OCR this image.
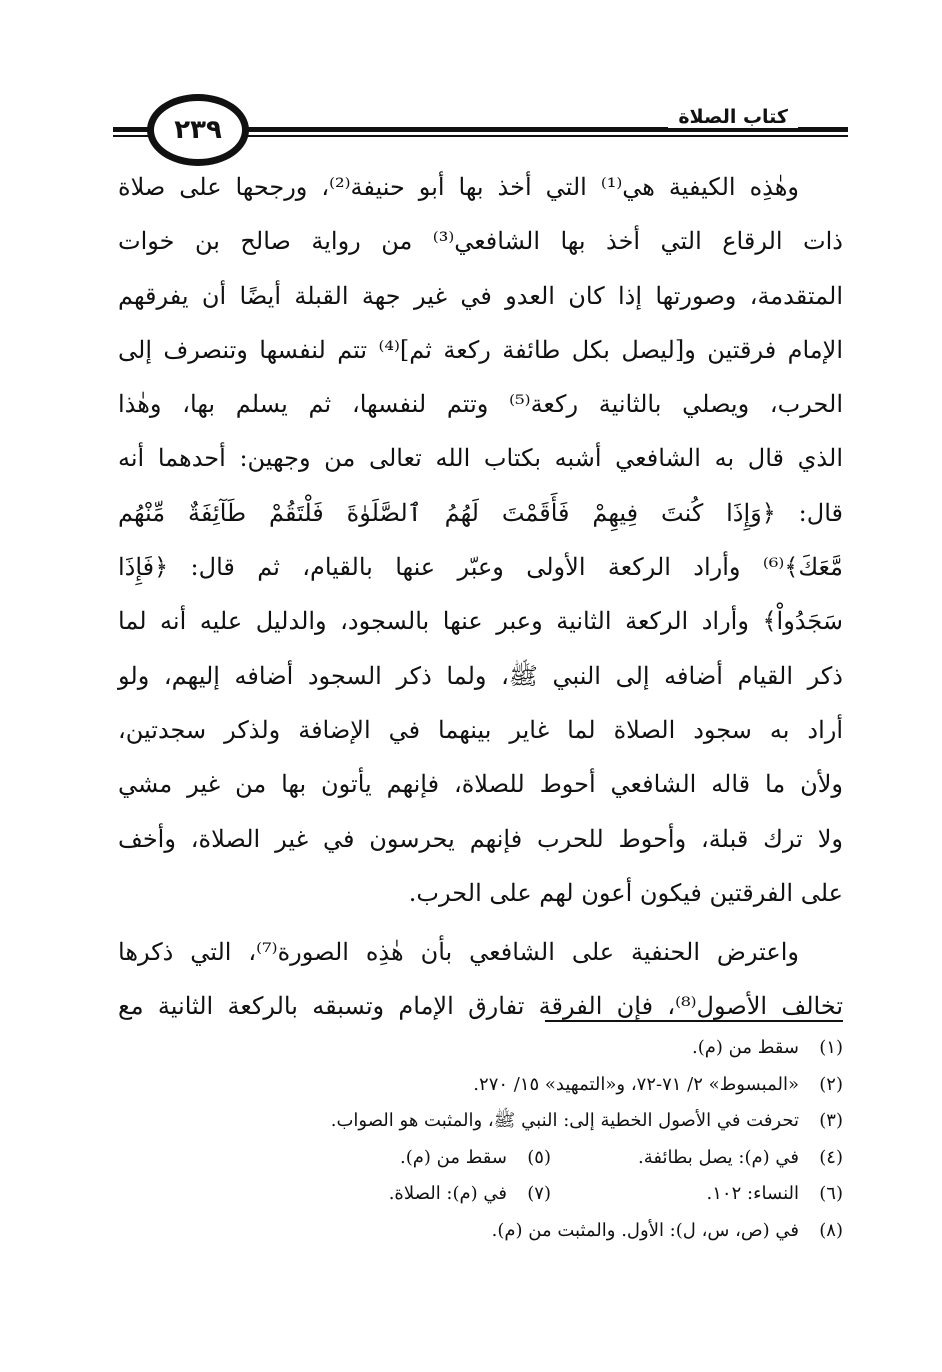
كتاب الصلاة
٢٣٩

وهٰذِه الكيفية هي⁽¹⁾ التي أخذ بها أبو حنيفة⁽²⁾، ورجحها على صلاة
ذات الرقاع التي أخذ بها الشافعي⁽³⁾ من رواية صالح بن خوات
المتقدمة، وصورتها إذا كان العدو في غير جهة القبلة أيضًا أن يفرقهم
الإمام فرقتين و[ليصل بكل طائفة ركعة ثم]⁽⁴⁾ تتم لنفسها وتنصرف إلى
الحرب، ويصلي بالثانية ركعة⁽⁵⁾ وتتم لنفسها، ثم يسلم بها، وهٰذا
الذي قال به الشافعي أشبه بكتاب الله تعالى من وجهين: أحدهما أنه
قال: ﴿وَإِذَا كُنتَ فِيهِمْ فَأَقَمْتَ لَهُمُ ٱلصَّلَوٰةَ فَلْتَقُمْ طَآئِفَةٌ مِّنْهُم
مَّعَكَ﴾⁽⁶⁾ وأراد الركعة الأولى وعبّر عنها بالقيام، ثم قال: ﴿فَإِذَا
سَجَدُواْ﴾ وأراد الركعة الثانية وعبر عنها بالسجود، والدليل عليه أنه لما
ذكر القيام أضافه إلى النبي ﷺ، ولما ذكر السجود أضافه إليهم، ولو
أراد به سجود الصلاة لما غاير بينهما في الإضافة ولذكر سجدتين،
ولأن ما قاله الشافعي أحوط للصلاة، فإنهم يأتون بها من غير مشي
ولا ترك قبلة، وأحوط للحرب فإنهم يحرسون في غير الصلاة، وأخف
على الفرقتين فيكون أعون لهم على الحرب.

واعترض الحنفية على الشافعي بأن هٰذِه الصورة⁽⁷⁾، التي ذكرها
تخالف الأصول⁽⁸⁾، فإن الفرقة تفارق الإمام وتسبقه بالركعة الثانية مع

(١)
سقط من (م).
(٢)
«المبسوط» ٢/ ٧١-٧٢، و«التمهيد» ١٥/ ٢٧٠.
(٣)
تحرفت في الأصول الخطية إلى: النبي ﷺ، والمثبت هو الصواب.
(٤)
في (م): يصل بطائفة.
(٥)
سقط من (م).
(٦)
النساء: ١٠٢.
(٧)
في (م): الصلاة.
(٨)
في (ص، س، ل): الأول. والمثبت من (م).
